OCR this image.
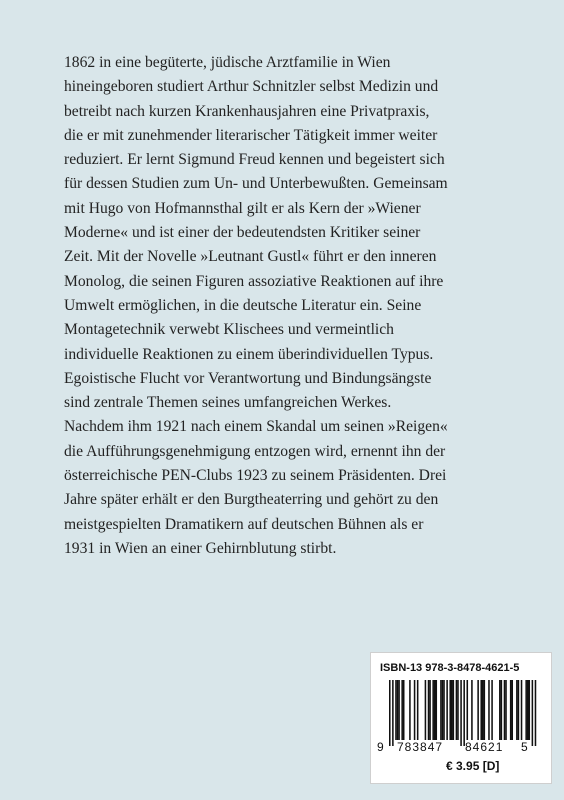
1862 in eine begüterte, jüdische Arztfamilie in Wien
hineingeboren studiert Arthur Schnitzler selbst Medizin und
betreibt nach kurzen Krankenhausjahren eine Privatpraxis,
die er mit zunehmender literarischer Tätigkeit immer weiter
reduziert. Er lernt Sigmund Freud kennen und begeistert sich
für dessen Studien zum Un- und Unterbewußten. Gemeinsam
mit Hugo von Hofmannsthal gilt er als Kern der »Wiener
Moderne« und ist einer der bedeutendsten Kritiker seiner
Zeit. Mit der Novelle »Leutnant Gustl« führt er den inneren
Monolog, die seinen Figuren assoziative Reaktionen auf ihre
Umwelt ermöglichen, in die deutsche Literatur ein. Seine
Montagetechnik verwebt Klischees und vermeintlich
individuelle Reaktionen zu einem überindividuellen Typus.
Egoistische Flucht vor Verantwortung und Bindungsängste
sind zentrale Themen seines umfangreichen Werkes.
Nachdem ihm 1921 nach einem Skandal um seinen »Reigen«
die Aufführungsgenehmigung entzogen wird, ernennt ihn der
österreichische PEN-Clubs 1923 zu seinem Präsidenten. Drei
Jahre später erhält er den Burgtheaterring und gehört zu den
meistgespielten Dramatikern auf deutschen Bühnen als er
1931 in Wien an einer Gehirnblutung stirbt.
ISBN-13 978-3-8478-4621-5
9 783847 84621 5
€ 3.95 [D]
